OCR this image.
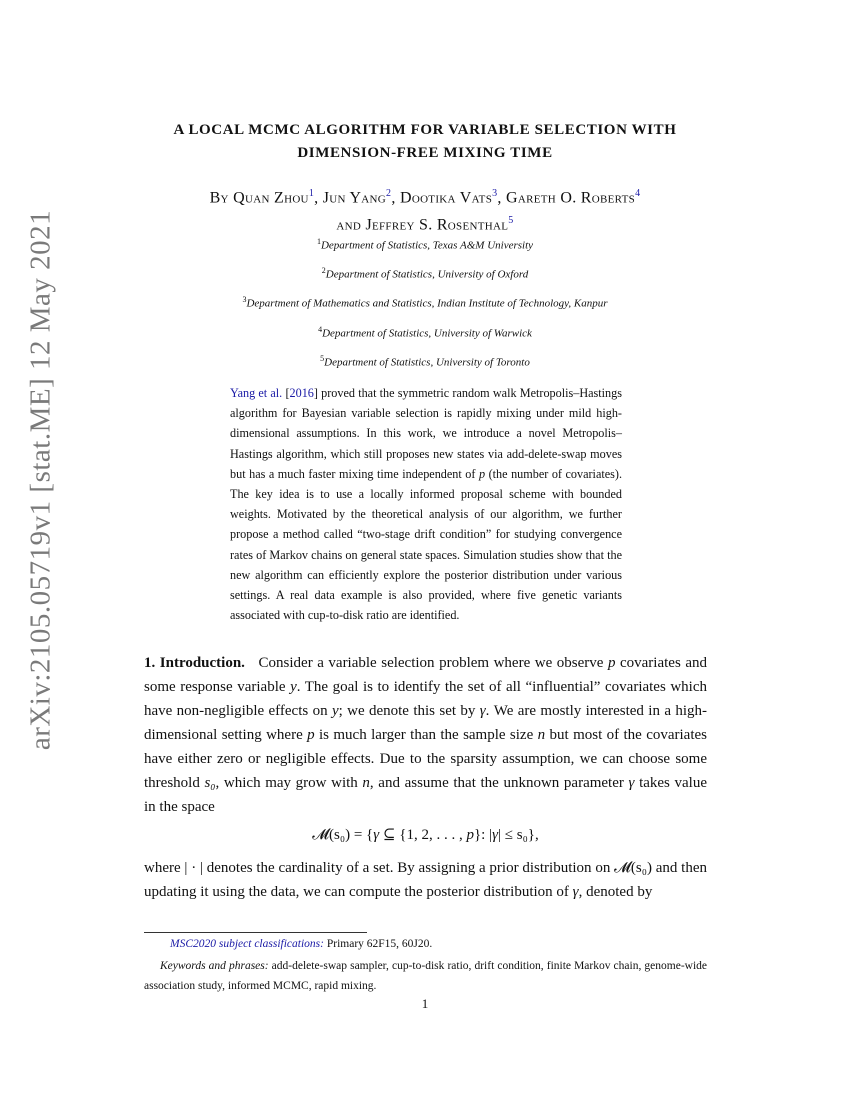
arXiv:2105.05719v1 [stat.ME] 12 May 2021
A LOCAL MCMC ALGORITHM FOR VARIABLE SELECTION WITH
DIMENSION-FREE MIXING TIME
By Quan Zhou$^1$, Jun Yang$^2$, Dootika Vats$^3$, Gareth O. Roberts$^4$
and Jeffrey S. Rosenthal$^5$
$^1$Department of Statistics, Texas A&M University
$^2$Department of Statistics, University of Oxford
$^3$Department of Mathematics and Statistics, Indian Institute of Technology, Kanpur
$^4$Department of Statistics, University of Warwick
$^5$Department of Statistics, University of Toronto

Yang et al. [2016] proved that the symmetric random walk Metropolis–Hastings algorithm for Bayesian variable selection is rapidly mixing under mild high-dimensional assumptions. In this work, we introduce a novel Metropolis–Hastings algorithm, which still proposes new states via add-delete-swap moves but has a much faster mixing time independent of p (the number of covariates). The key idea is to use a locally informed proposal scheme with bounded weights. Motivated by the theoretical analysis of our algorithm, we further propose a method called “two-stage drift condition” for studying convergence rates of Markov chains on general state spaces. Simulation studies show that the new algorithm can efficiently explore the posterior distribution under various settings. A real data example is also provided, where five genetic variants associated with cup-to-disk ratio are identified.

1. Introduction. Consider a variable selection problem where we observe p covariates and some response variable y. The goal is to identify the set of all “influential” covariates which have non-negligible effects on y; we denote this set by γ. We are mostly interested in a high-dimensional setting where p is much larger than the sample size n but most of the covariates have either zero or negligible effects. Due to the sparsity assumption, we can choose some threshold s₀, which may grow with n, and assume that the unknown parameter γ takes value in the space

𝓜(s₀) = {γ ⊆ {1, 2, . . . , p}: |γ| ≤ s₀},

where | · | denotes the cardinality of a set. By assigning a prior distribution on 𝓜(s₀) and then updating it using the data, we can compute the posterior distribution of γ, denoted by

MSC2020 subject classifications: Primary 62F15, 60J20.

Keywords and phrases: add-delete-swap sampler, cup-to-disk ratio, drift condition, finite Markov chain, genome-wide association study, informed MCMC, rapid mixing.

1
